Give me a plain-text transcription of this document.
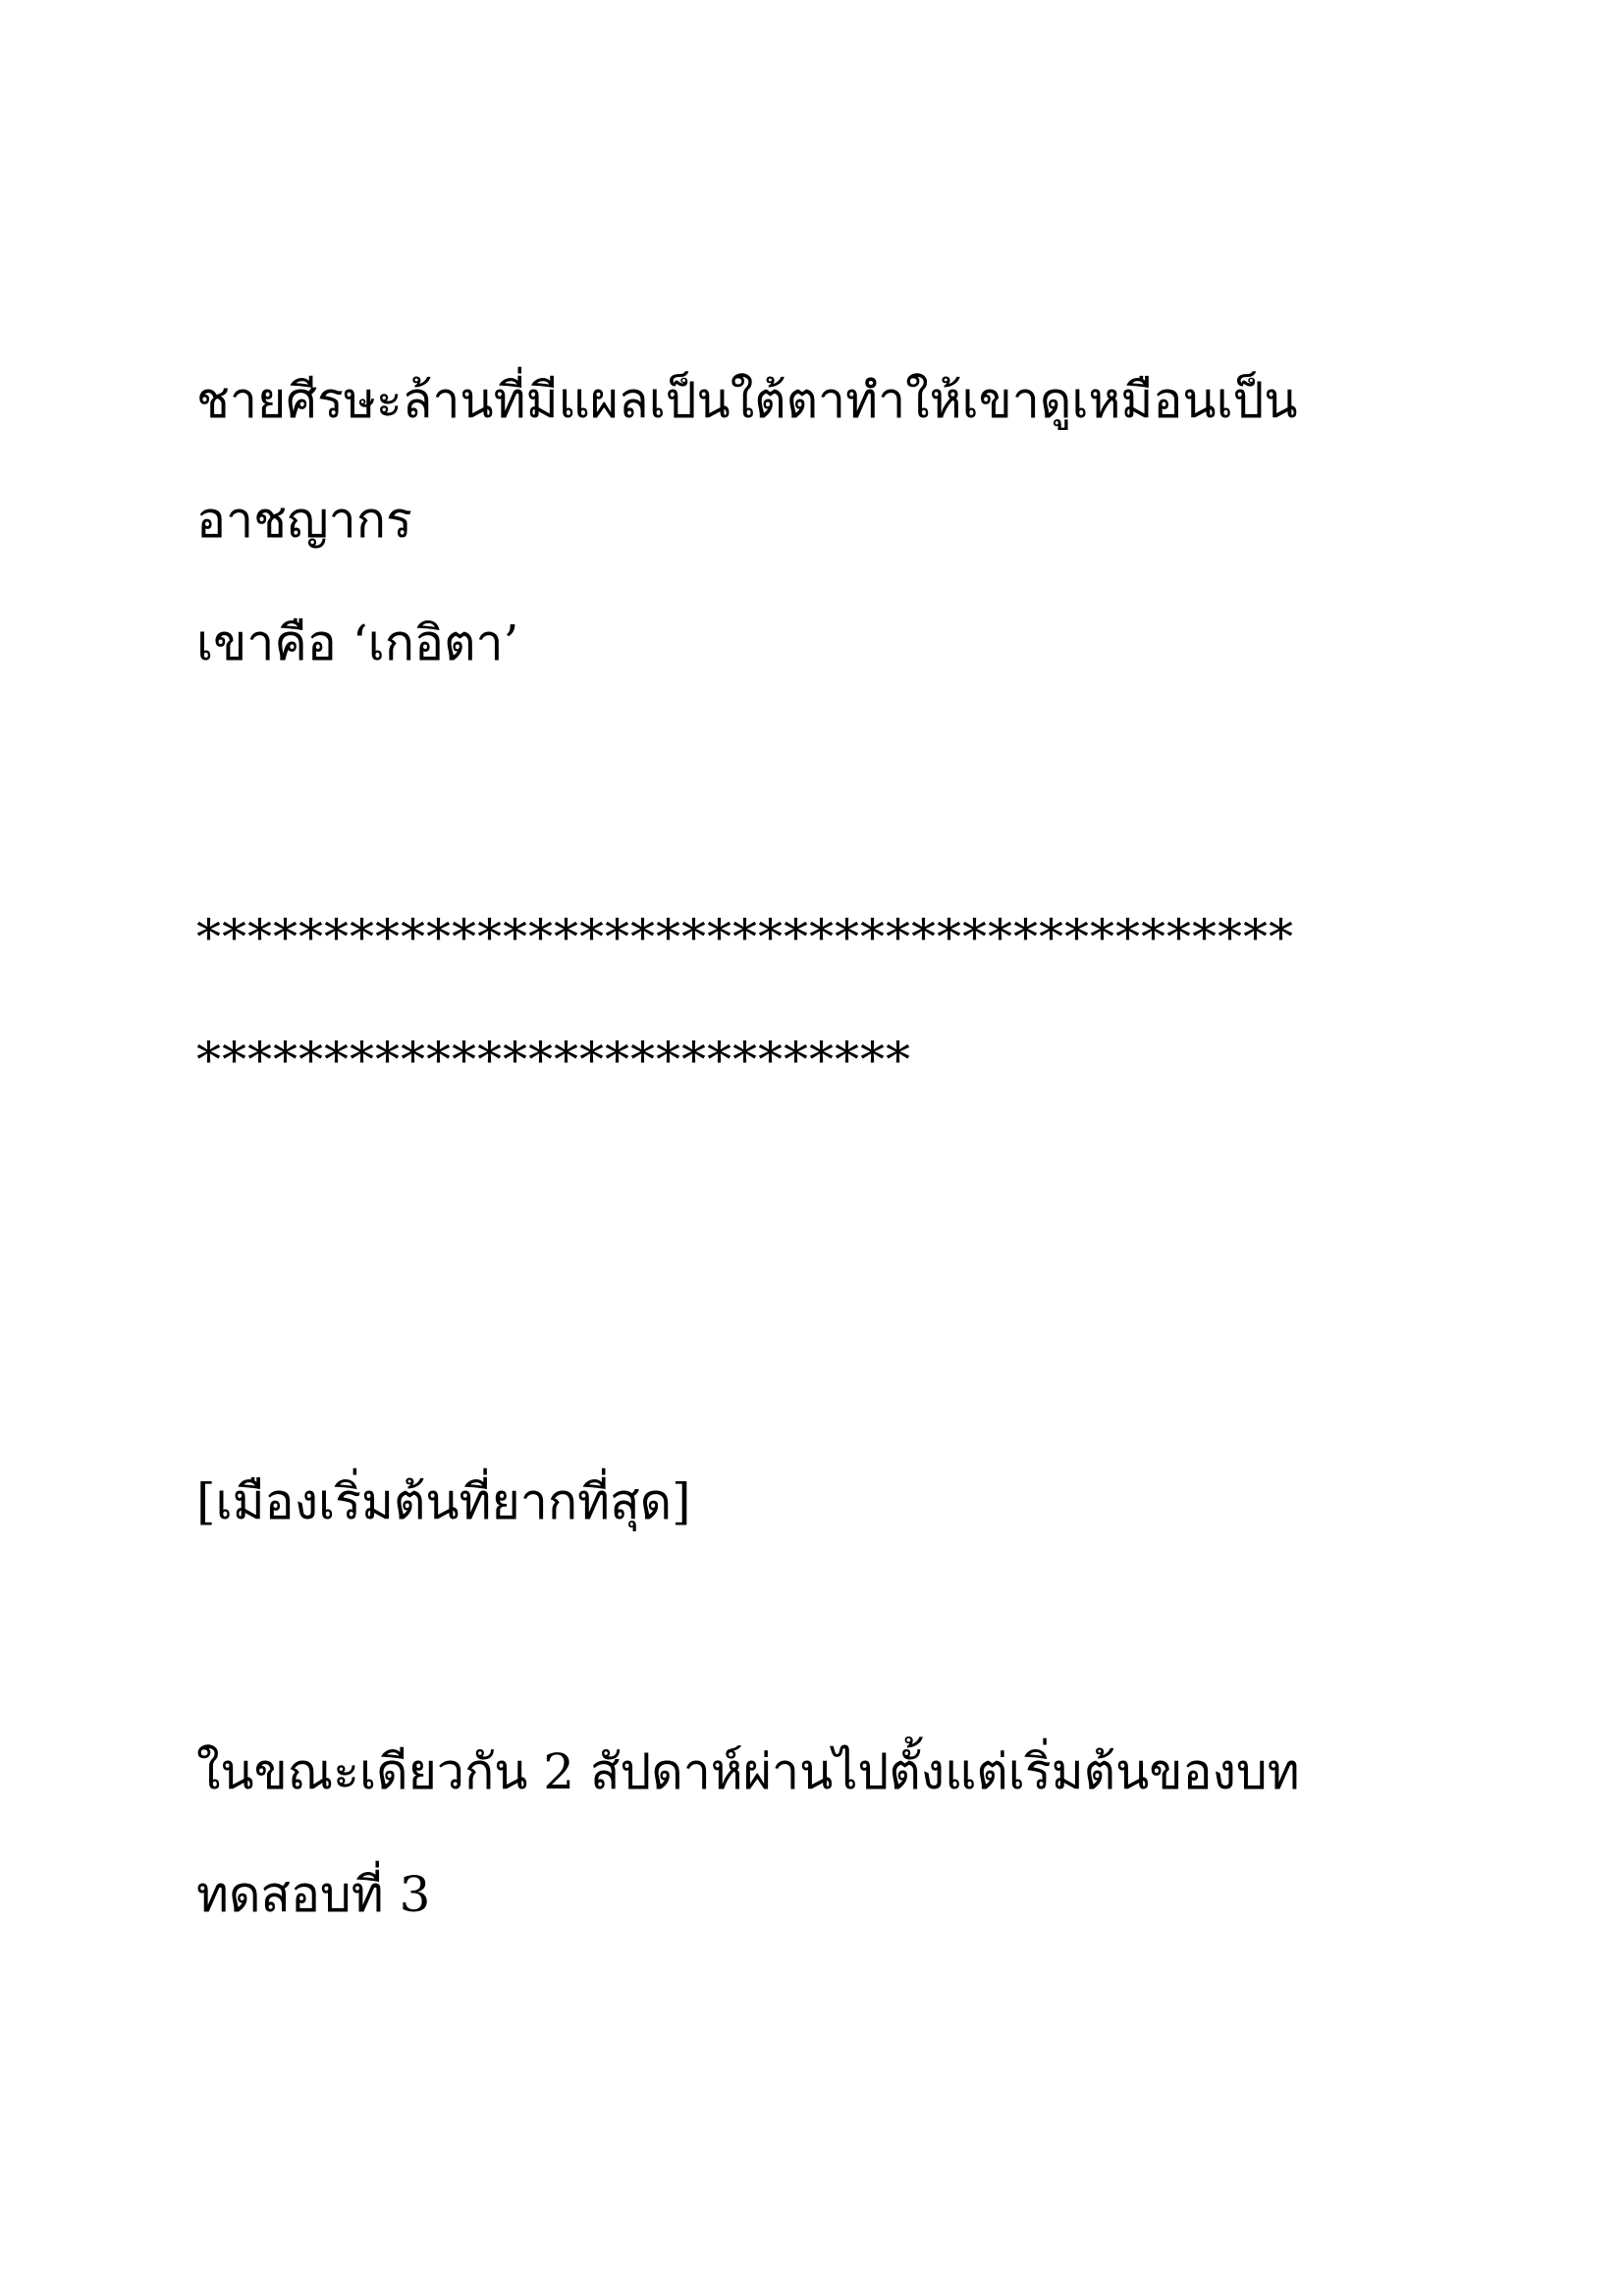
ชายศีรษะล้านที่มีแผลเป็นใต้ตาทำให้เขาดูเหมือนเป็น

อาชญากร

เขาคือ ‘เกอิตา’

*******************************************

****************************

[เมืองเริ่มต้นที่ยากที่สุด]

ในขณะเดียวกัน 2 สัปดาห์ผ่านไปตั้งแต่เริ่มต้นของบท

ทดสอบที่ 3
